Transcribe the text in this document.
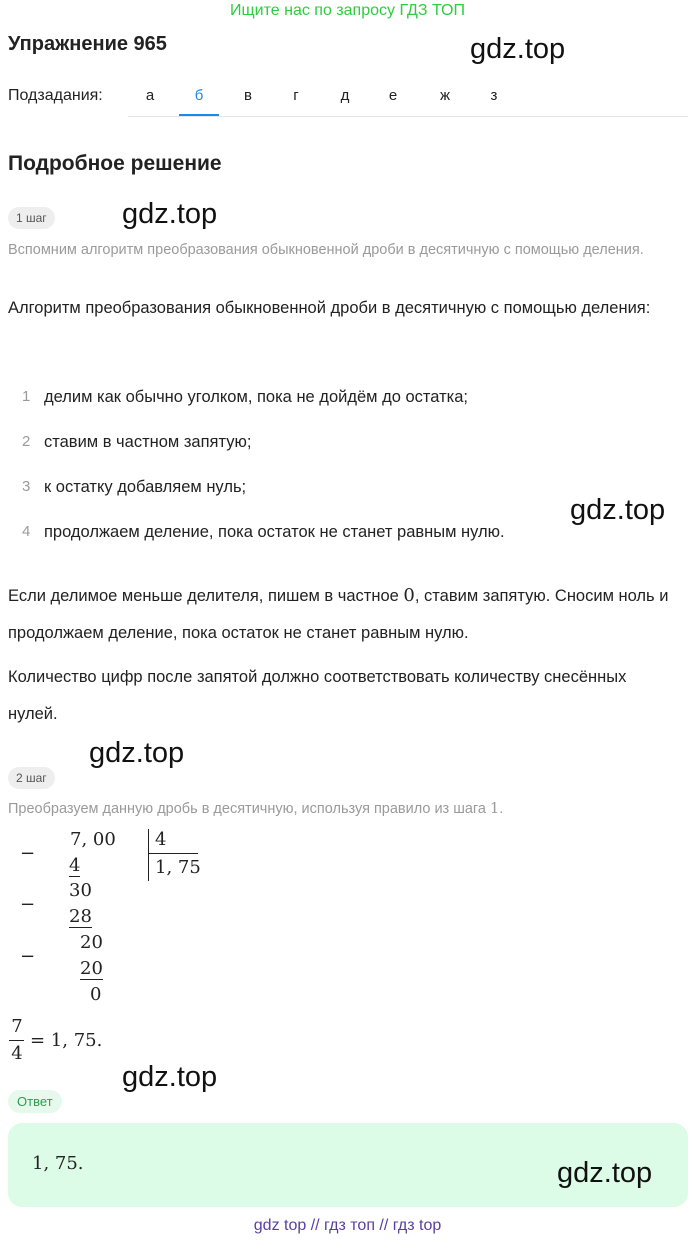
Ищите нас по запросу ГДЗ ТОП
Упражнение 965	gdz.top
Подзадания:	а	б	в	г	д	е	ж	з
Подробное решение
1 шаг	gdz.top
Вспомним алгоритм преобразования обыкновенной дроби в десятичную с помощью деления.
Алгоритм преобразования обыкновенной дроби в десятичную с помощью деления:
1 делим как обычно уголком, пока не дойдём до остатка;
2 ставим в частном запятую;
3 к остатку добавляем нуль;
4 продолжаем деление, пока остаток не станет равным нулю.
gdz.top
Если делимое меньше делителя, пишем в частное 0, ставим запятую. Сносим ноль и продолжаем деление, пока остаток не станет равным нулю.
Количество цифр после запятой должно соответствовать количеству снесённых нулей.
2 шаг
gdz.top
Преобразуем данную дробь в десятичную, используя правило из шага 1.
−
7, 00 4
1, 75
4
−
30
28
−
20
20
0
7
4
= 1, 75.
gdz.top
Ответ
1, 75.	gdz.top
gdz top // гдз топ // гдз top
